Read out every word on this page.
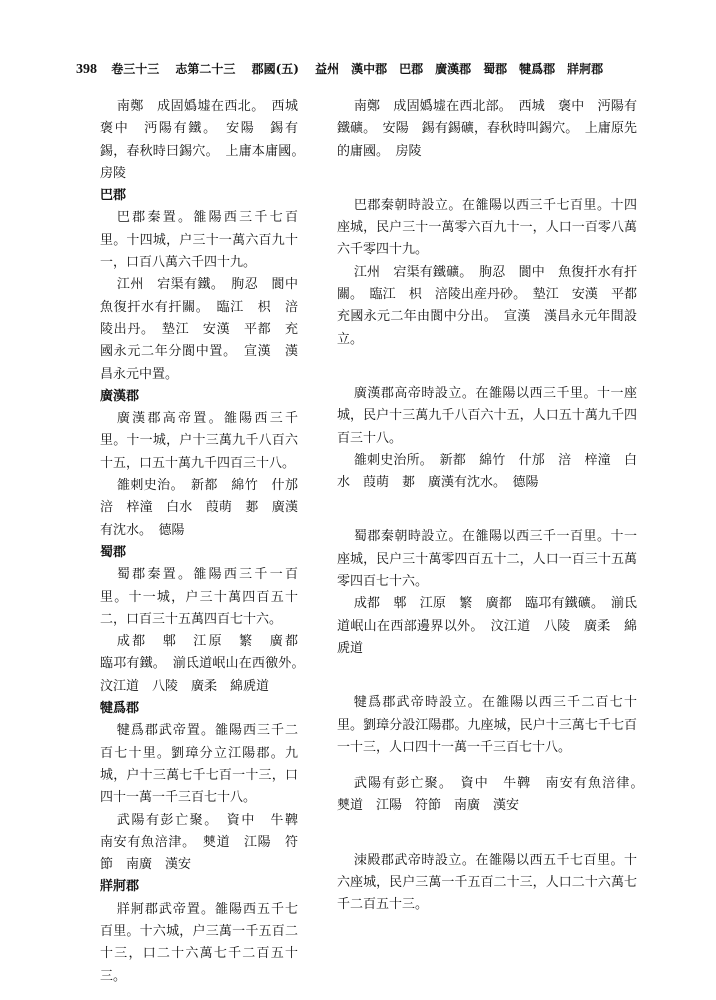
398 卷三十三　 志第二十三　 郡國(五)　 益州　漢中郡　巴郡　廣漢郡　蜀郡　犍爲郡　牂牁郡

南鄭　成固嬀墟在西北。　西城　褒中　沔陽有鐵。　安陽　錫有錫，春秋時曰錫穴。　上庸本庸國。　房陵

巴郡

巴郡秦置。雒陽西三千七百里。十四城，户三十一萬六百九十一，口百八萬六千四十九。

江州　宕渠有鐵。　朐忍　閬中　魚復扞水有扞關。　臨江　枳　涪陵出丹。　墊江　安漢　平都　充國永元二年分閬中置。　宣漢　漢昌永元中置。

廣漢郡

廣漢郡高帝置。雒陽西三千里。十一城，户十三萬九千八百六十五，口五十萬九千四百三十八。

雒刺史治。　新都　綿竹　什邡　涪　梓潼　白水　葭萌　郪　廣漢有沈水。　德陽

蜀郡

蜀郡秦置。雒陽西三千一百里。十一城，户三十萬四百五十二，口百三十五萬四百七十六。

成都　郫　江原　繁　廣都　臨邛有鐵。　湔氐道岷山在西徼外。　汶江道　八陵　廣柔　綿虒道

犍爲郡

犍爲郡武帝置。雒陽西三千二百七十里。劉璋分立江陽郡。九城，户十三萬七千七百一十三，口四十一萬一千三百七十八。

武陽有彭亡聚。　資中　牛鞞　南安有魚涪津。　僰道　江陽　符節　南廣　漢安

牂牁郡

牂牁郡武帝置。雒陽西五千七百里。十六城，户三萬一千五百二十三，口二十六萬七千二百五十三。

南鄭　成固嬀墟在西北部。　西城　褒中　沔陽有鐵礦。　安陽　錫有錫礦，春秋時叫錫穴。　上庸原先的庸國。　房陵

巴郡秦朝時設立。在雒陽以西三千七百里。十四座城，民户三十一萬零六百九十一，人口一百零八萬六千零四十九。

江州　宕渠有鐵礦。　朐忍　閬中　魚復扞水有扞關。　臨江　枳　涪陵出産丹砂。　墊江　安漢　平都　充國永元二年由閬中分出。　宣漢　漢昌永元年間設立。

廣漢郡高帝時設立。在雒陽以西三千里。十一座城，民户十三萬九千八百六十五，人口五十萬九千四百三十八。

雒刺史治所。　新都　綿竹　什邡　涪　梓潼　白水　葭萌　郪　廣漢有沈水。　德陽

蜀郡秦朝時設立。在雒陽以西三千一百里。十一座城，民户三十萬零四百五十二，人口一百三十五萬零四百七十六。

成都　郫　江原　繁　廣都　臨邛有鐵礦。　湔氐道岷山在西部邊界以外。　汶江道　八陵　廣柔　綿虒道

犍爲郡武帝時設立。在雒陽以西三千二百七十里。劉璋分設江陽郡。九座城，民户十三萬七千七百一十三，人口四十一萬一千三百七十八。

武陽有彭亡聚。　資中　牛鞞　南安有魚涪律。　僰道　江陽　符節　南廣　漢安

洓殿郡武帝時設立。在雒陽以西五千七百里。十六座城，民户三萬一千五百二十三，人口二十六萬七千二百五十三。
